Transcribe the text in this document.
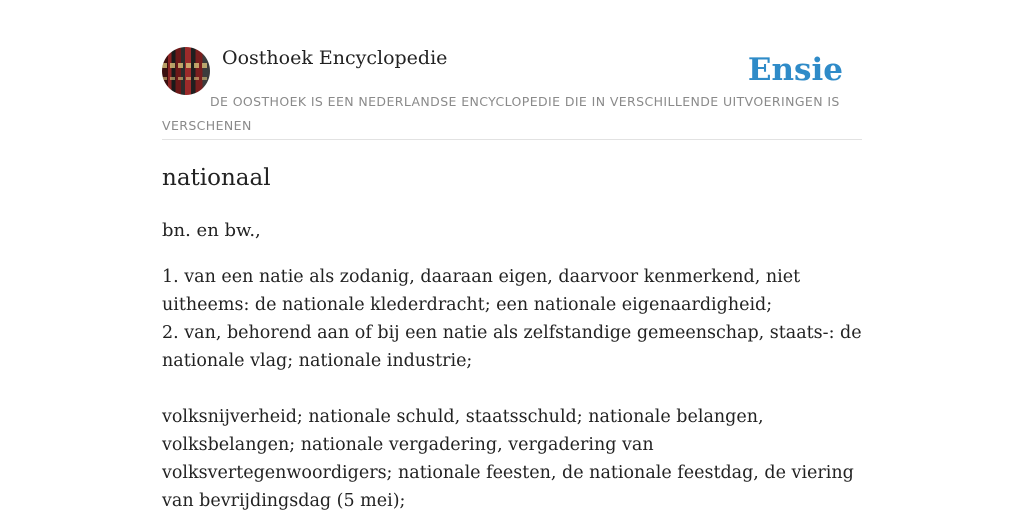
Oosthoek Encyclopedie	Ensie
DE OOSTHOEK IS EEN NEDERLANDSE ENCYCLOPEDIE DIE IN VERSCHILLENDE UITVOERINGEN IS VERSCHENEN
nationaal
bn. en bw.,

1. van een natie als zodanig, daaraan eigen, daarvoor kenmerkend, niet uitheems: de nationale klederdracht; een nationale eigenaardigheid;

2. van, behorend aan of bij een natie als zelfstandige gemeenschap, staats-: de nationale vlag; nationale industrie;

volksnijverheid; nationale schuld, staatsschuld; nationale belangen, volksbelangen; nationale vergadering, vergadering van volksvertegenwoordigers; nationale feesten, de nationale feestdag, de viering van bevrijdingsdag (5 mei);
